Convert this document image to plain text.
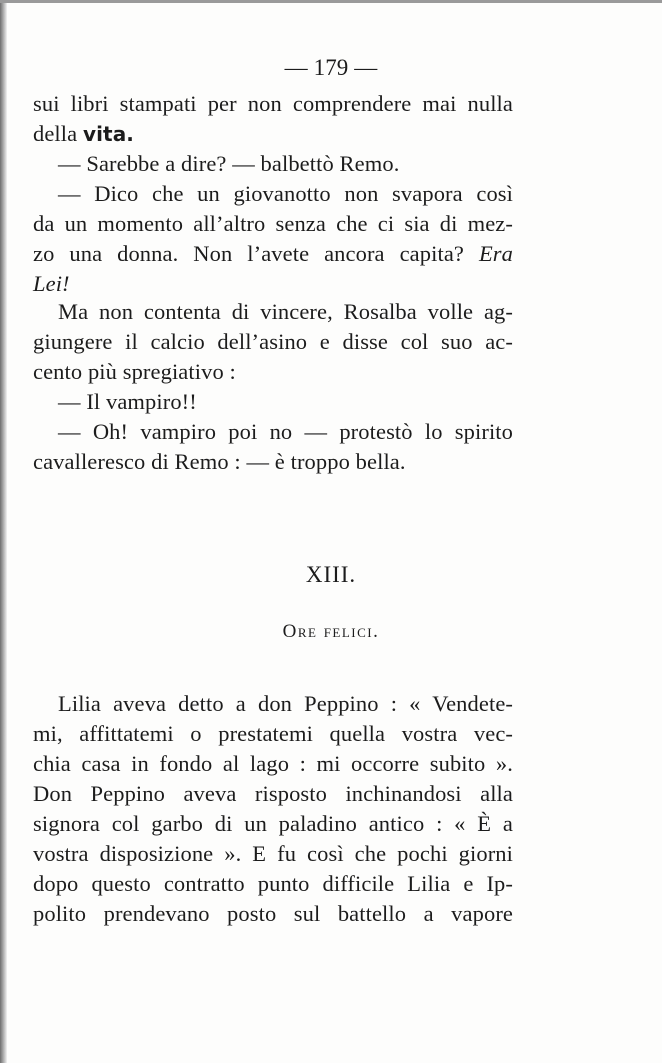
— 179 —
sui libri stampati per non comprendere mai nulla
della vita.
— Sarebbe a dire? — balbettò Remo.
— Dico che un giovanotto non svapora così
da un momento all’altro senza che ci sia di mez-
zo una donna. Non l’avete ancora capita? Era
Lei!
Ma non contenta di vincere, Rosalba volle ag-
giungere il calcio dell’asino e disse col suo ac-
cento più spregiativo :
— Il vampiro!!
— Oh! vampiro poi no — protestò lo spirito
cavalleresco di Remo : — è troppo bella.
XIII.
Ore felici.
Lilia aveva detto a don Peppino : « Vendete-
mi, affittatemi o prestatemi quella vostra vec-
chia casa in fondo al lago : mi occorre subito ».
Don Peppino aveva risposto inchinandosi alla
signora col garbo di un paladino antico : « È a
vostra disposizione ». E fu così che pochi giorni
dopo questo contratto punto difficile Lilia e Ip-
polito prendevano posto sul battello a vapore
